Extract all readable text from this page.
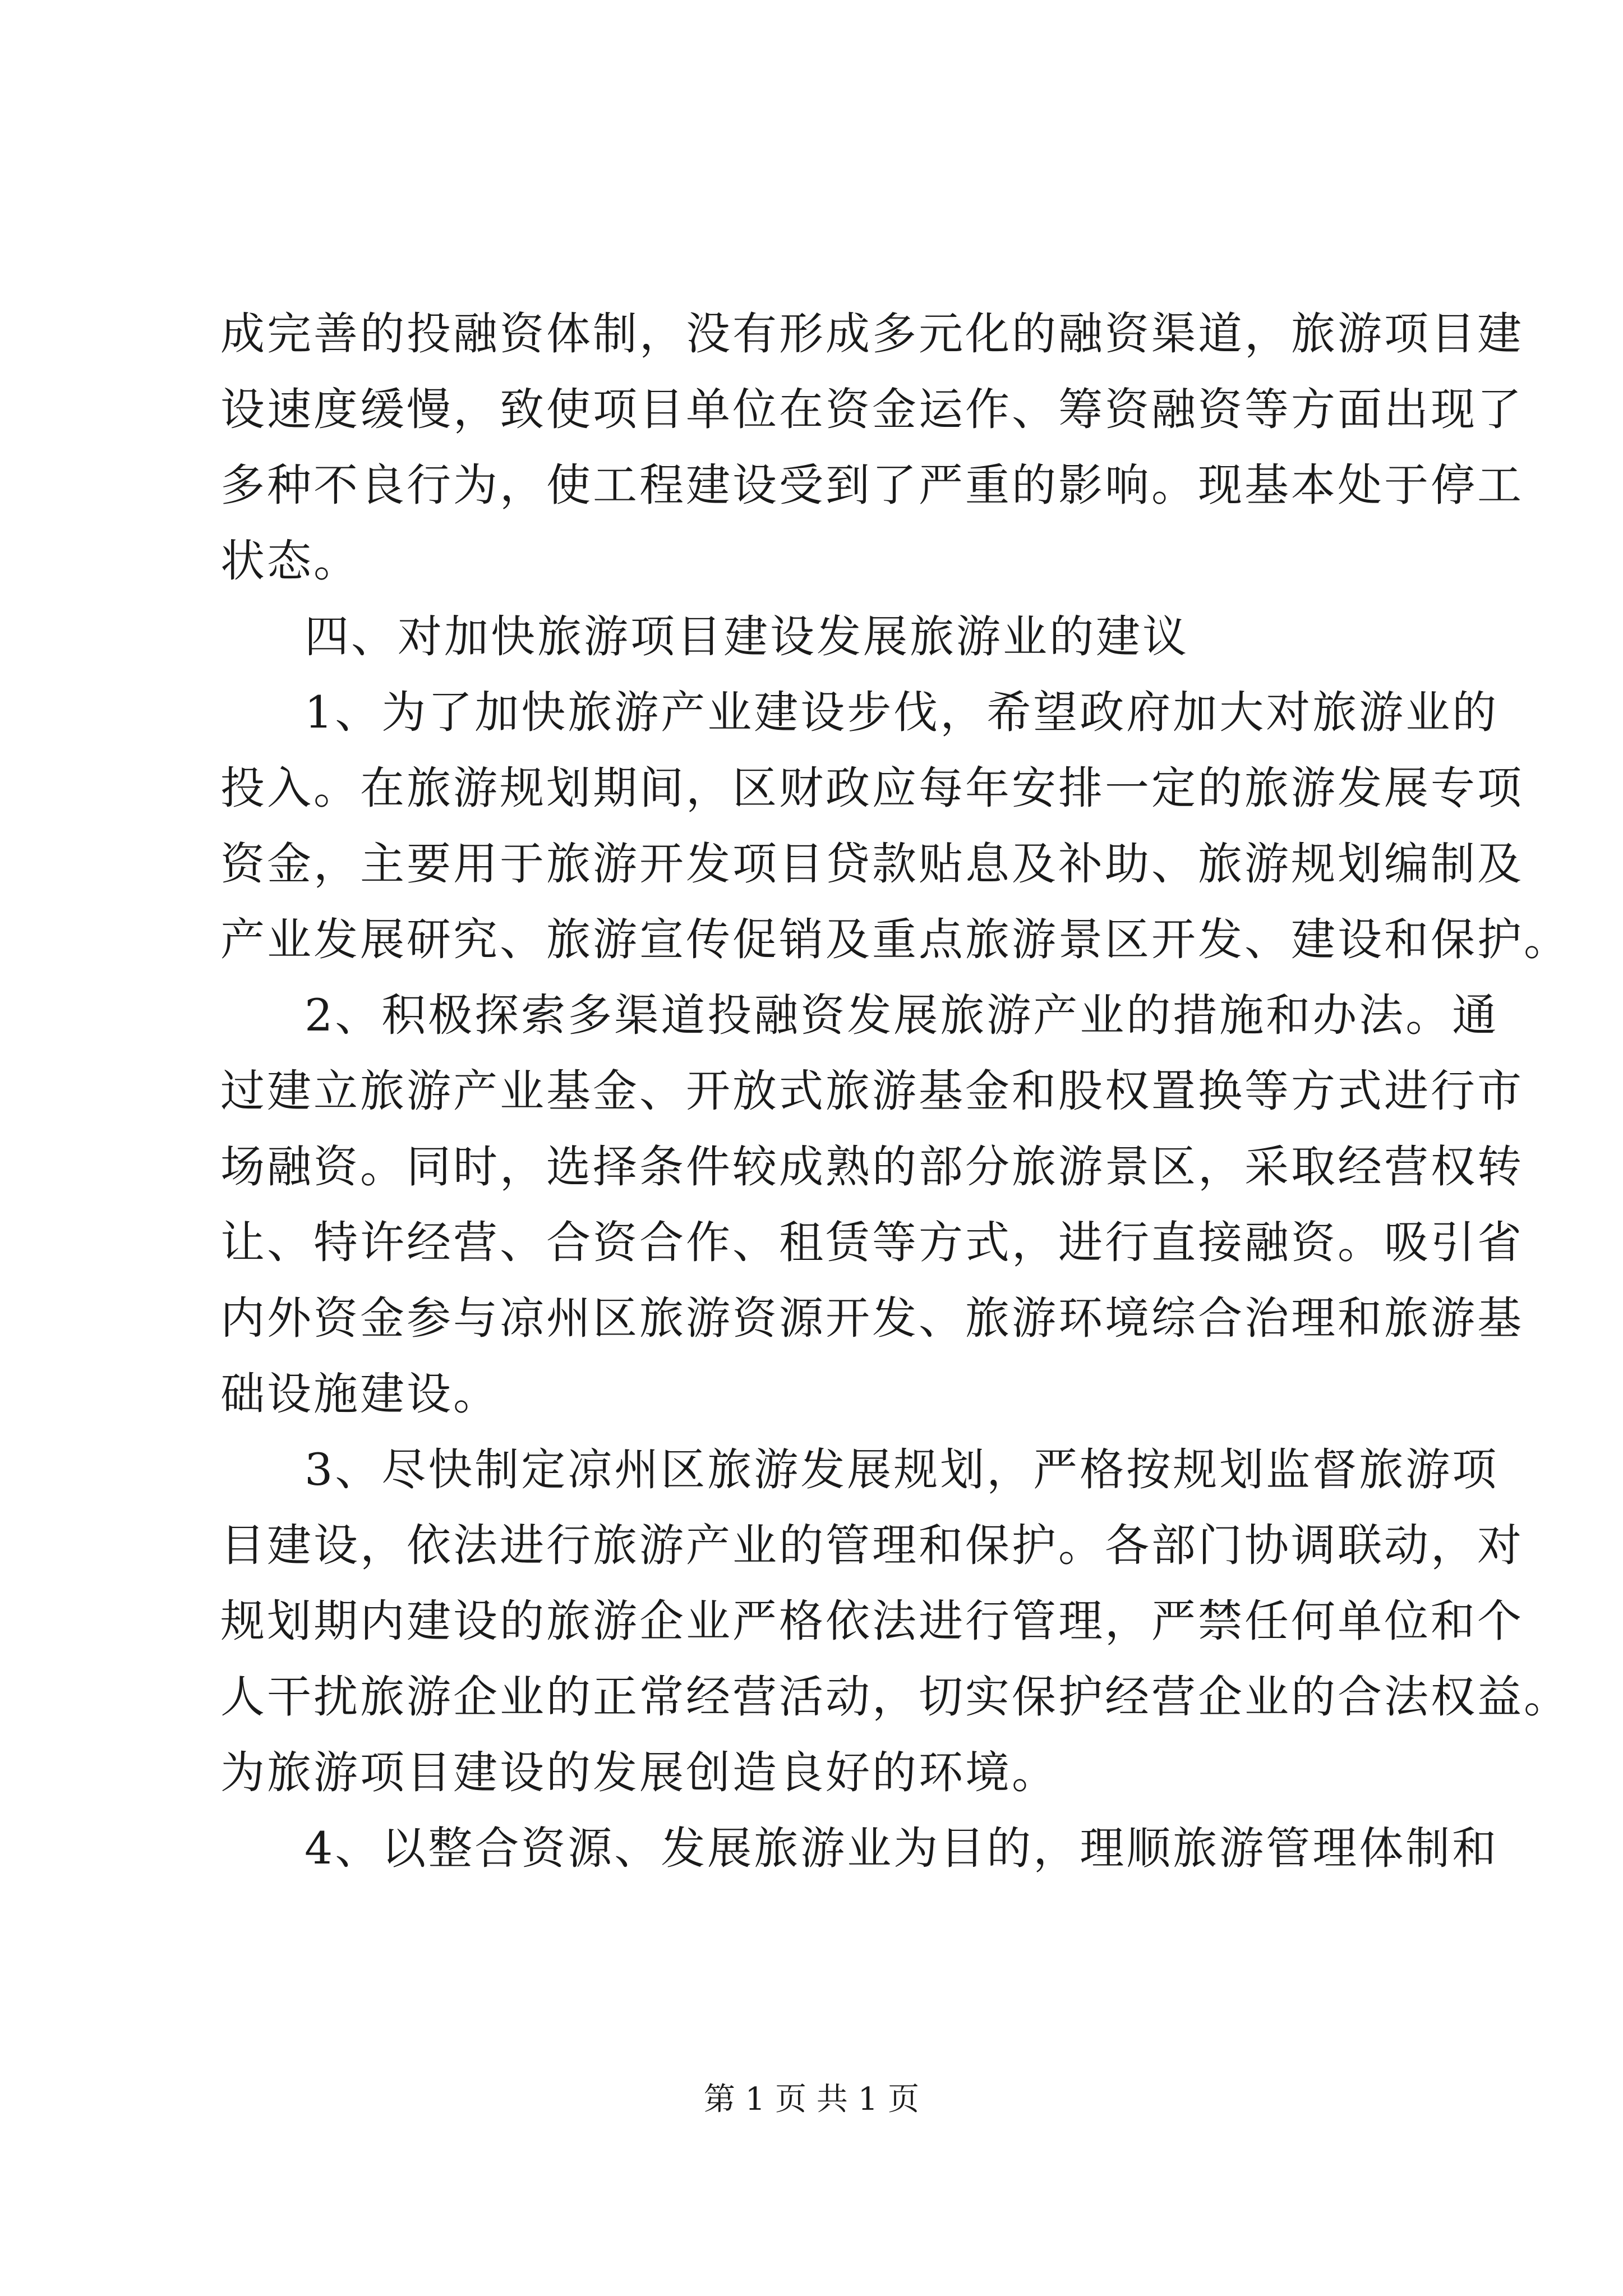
成完善的投融资体制，没有形成多元化的融资渠道，旅游项目建
设速度缓慢，致使项目单位在资金运作、筹资融资等方面出现了
多种不良行为，使工程建设受到了严重的影响。现基本处于停工
状态。
四、对加快旅游项目建设发展旅游业的建议
1、为了加快旅游产业建设步伐，希望政府加大对旅游业的
投入。在旅游规划期间，区财政应每年安排一定的旅游发展专项
资金，主要用于旅游开发项目贷款贴息及补助、旅游规划编制及
产业发展研究、旅游宣传促销及重点旅游景区开发、建设和保护。
2、积极探索多渠道投融资发展旅游产业的措施和办法。通
过建立旅游产业基金、开放式旅游基金和股权置换等方式进行市
场融资。同时，选择条件较成熟的部分旅游景区，采取经营权转
让、特许经营、合资合作、租赁等方式，进行直接融资。吸引省
内外资金参与凉州区旅游资源开发、旅游环境综合治理和旅游基
础设施建设。
3、尽快制定凉州区旅游发展规划，严格按规划监督旅游项
目建设，依法进行旅游产业的管理和保护。各部门协调联动，对
规划期内建设的旅游企业严格依法进行管理，严禁任何单位和个
人干扰旅游企业的正常经营活动，切实保护经营企业的合法权益。
为旅游项目建设的发展创造良好的环境。
4、以整合资源、发展旅游业为目的，理顺旅游管理体制和
第 1 页 共 1 页
